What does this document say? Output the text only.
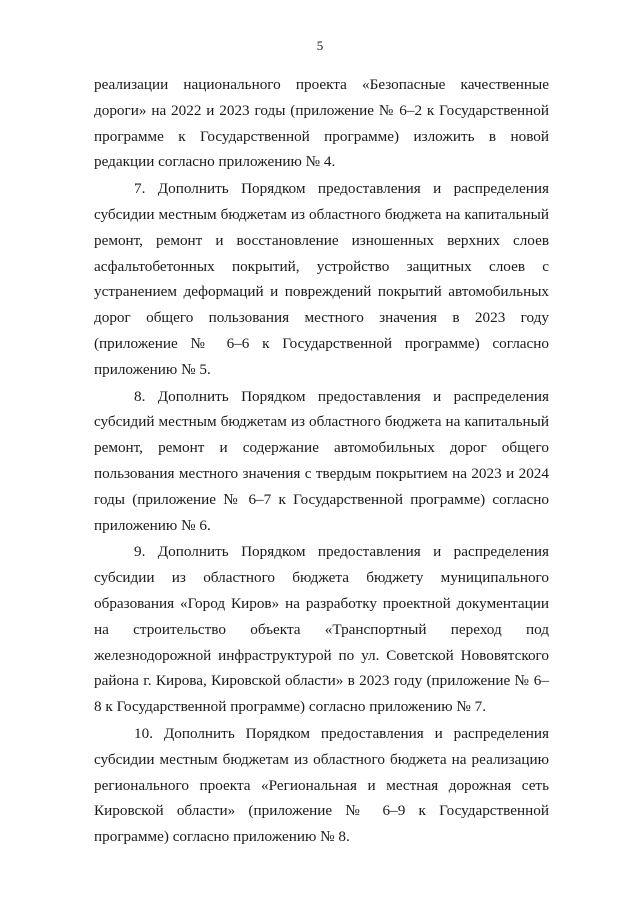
5

реализации национального проекта «Безопасные качественные дороги» на 2022 и 2023 годы (приложение № 6–2 к Государственной программе к Государственной программе) изложить в новой редакции согласно приложению № 4.

7. Дополнить Порядком предоставления и распределения субсидии местным бюджетам из областного бюджета на капитальный ремонт, ремонт и восстановление изношенных верхних слоев асфальтобетонных покрытий, устройство защитных слоев с устранением деформаций и повреждений покрытий автомобильных дорог общего пользования местного значения в 2023 году (приложение № 6–6 к Государственной программе) согласно приложению № 5.

8. Дополнить Порядком предоставления и распределения субсидий местным бюджетам из областного бюджета на капитальный ремонт, ремонт и содержание автомобильных дорог общего пользования местного значения с твердым покрытием на 2023 и 2024 годы (приложение № 6–7 к Государственной программе) согласно приложению № 6.

9. Дополнить Порядком предоставления и распределения субсидии из областного бюджета бюджету муниципального образования «Город Киров» на разработку проектной документации на строительство объекта «Транспортный переход под железнодорожной инфраструктурой по ул. Советской Нововятского района г. Кирова, Кировской области» в 2023 году (приложение № 6–8 к Государственной программе) согласно приложению № 7.

10. Дополнить Порядком предоставления и распределения субсидии местным бюджетам из областного бюджета на реализацию регионального проекта «Региональная и местная дорожная сеть Кировской области» (приложение № 6–9 к Государственной программе) согласно приложению № 8.
